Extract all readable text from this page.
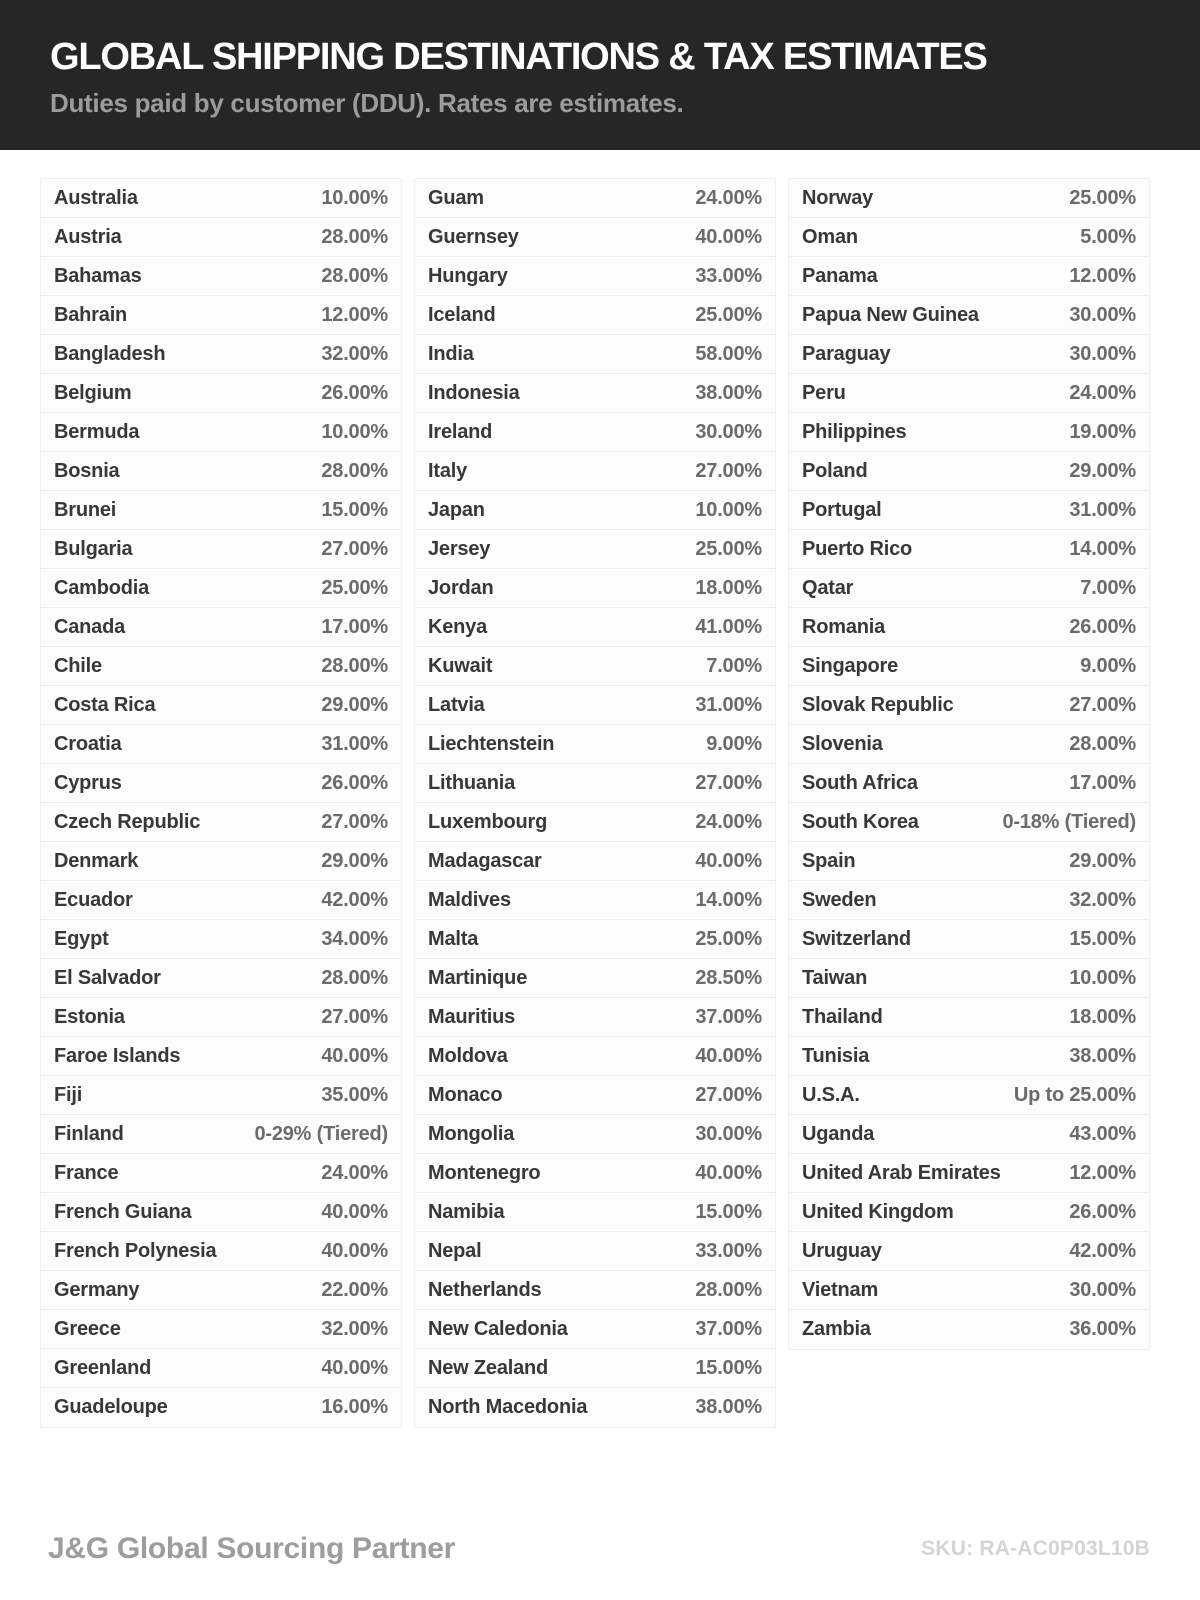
GLOBAL SHIPPING DESTINATIONS & TAX ESTIMATES

Duties paid by customer (DDU). Rates are estimates.

Australia	10.00%
Austria	28.00%
Bahamas	28.00%
Bahrain	12.00%
Bangladesh	32.00%
Belgium	26.00%
Bermuda	10.00%
Bosnia	28.00%
Brunei	15.00%
Bulgaria	27.00%
Cambodia	25.00%
Canada	17.00%
Chile	28.00%
Costa Rica	29.00%
Croatia	31.00%
Cyprus	26.00%
Czech Republic	27.00%
Denmark	29.00%
Ecuador	42.00%
Egypt	34.00%
El Salvador	28.00%
Estonia	27.00%
Faroe Islands	40.00%
Fiji	35.00%
Finland	0-29% (Tiered)
France	24.00%
French Guiana	40.00%
French Polynesia	40.00%
Germany	22.00%
Greece	32.00%
Greenland	40.00%
Guadeloupe	16.00%
Guam	24.00%
Guernsey	40.00%
Hungary	33.00%
Iceland	25.00%
India	58.00%
Indonesia	38.00%
Ireland	30.00%
Italy	27.00%
Japan	10.00%
Jersey	25.00%
Jordan	18.00%
Kenya	41.00%
Kuwait	7.00%
Latvia	31.00%
Liechtenstein	9.00%
Lithuania	27.00%
Luxembourg	24.00%
Madagascar	40.00%
Maldives	14.00%
Malta	25.00%
Martinique	28.50%
Mauritius	37.00%
Moldova	40.00%
Monaco	27.00%
Mongolia	30.00%
Montenegro	40.00%
Namibia	15.00%
Nepal	33.00%
Netherlands	28.00%
New Caledonia	37.00%
New Zealand	15.00%
North Macedonia	38.00%
Norway	25.00%
Oman	5.00%
Panama	12.00%
Papua New Guinea	30.00%
Paraguay	30.00%
Peru	24.00%
Philippines	19.00%
Poland	29.00%
Portugal	31.00%
Puerto Rico	14.00%
Qatar	7.00%
Romania	26.00%
Singapore	9.00%
Slovak Republic	27.00%
Slovenia	28.00%
South Africa	17.00%
South Korea	0-18% (Tiered)
Spain	29.00%
Sweden	32.00%
Switzerland	15.00%
Taiwan	10.00%
Thailand	18.00%
Tunisia	38.00%
U.S.A.	Up to 25.00%
Uganda	43.00%
United Arab Emirates	12.00%
United Kingdom	26.00%
Uruguay	42.00%
Vietnam	30.00%
Zambia	36.00%
J&G Global Sourcing Partner	SKU: RA-AC0P03L10B
